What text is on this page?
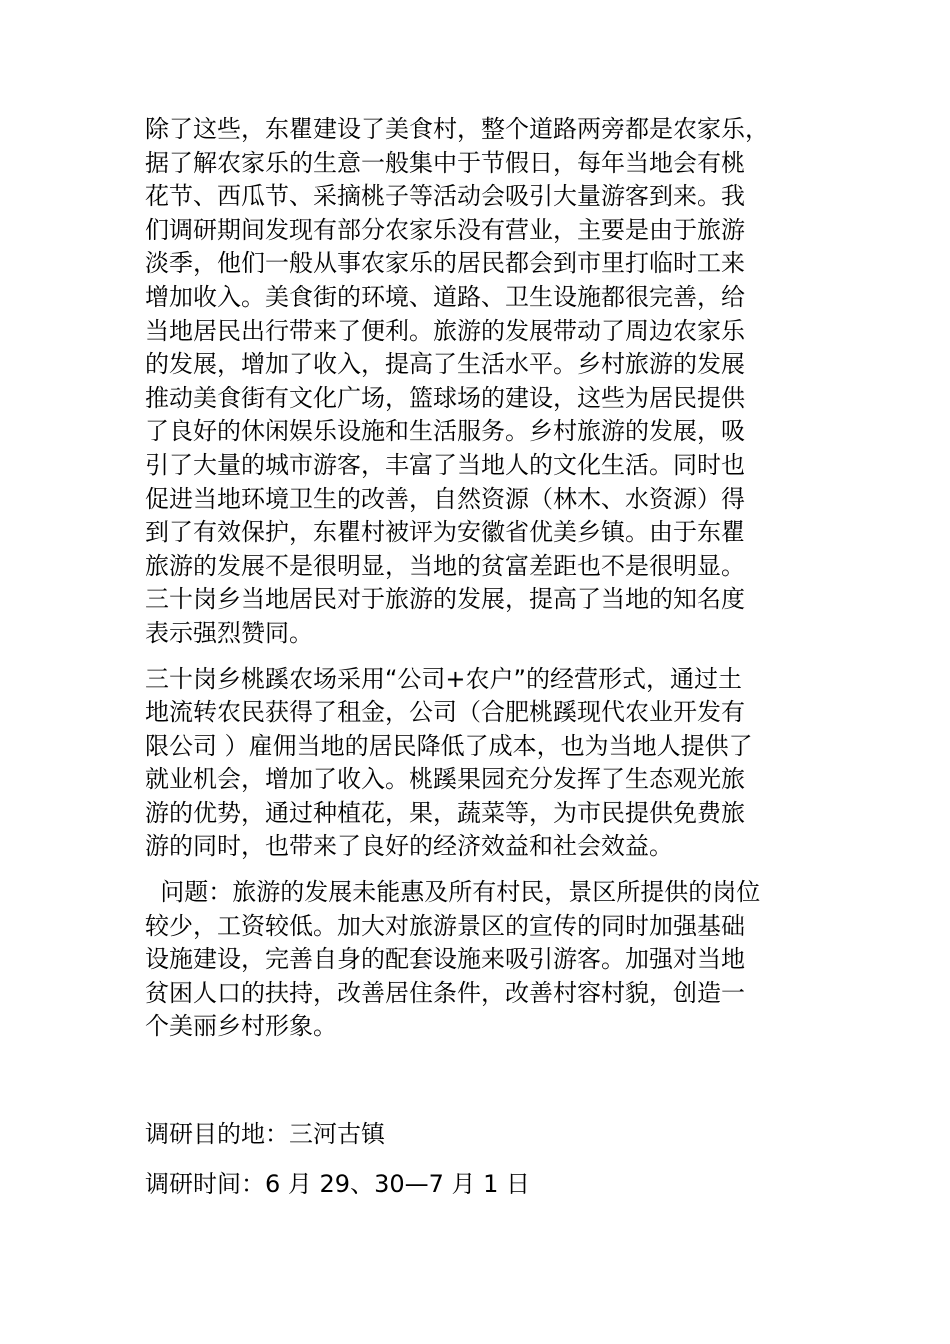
除了这些，东瞿建设了美食村，整个道路两旁都是农家乐，
据了解农家乐的生意一般集中于节假日，每年当地会有桃
花节、西瓜节、采摘桃子等活动会吸引大量游客到来。我
们调研期间发现有部分农家乐没有营业，主要是由于旅游
淡季，他们一般从事农家乐的居民都会到市里打临时工来
增加收入。美食街的环境、道路、卫生设施都很完善，给
当地居民出行带来了便利。旅游的发展带动了周边农家乐
的发展，增加了收入，提高了生活水平。乡村旅游的发展
推动美食街有文化广场，篮球场的建设，这些为居民提供
了良好的休闲娱乐设施和生活服务。乡村旅游的发展，吸
引了大量的城市游客，丰富了当地人的文化生活。同时也
促进当地环境卫生的改善，自然资源（林木、水资源）得
到了有效保护，东瞿村被评为安徽省优美乡镇。由于东瞿
旅游的发展不是很明显，当地的贫富差距也不是很明显。
三十岗乡当地居民对于旅游的发展，提高了当地的知名度
表示强烈赞同。
三十岗乡桃蹊农场采用“公司+农户”的经营形式，通过土
地流转农民获得了租金，公司（合肥桃蹊现代农业开发有
限公司 ）雇佣当地的居民降低了成本，也为当地人提供了
就业机会，增加了收入。桃蹊果园充分发挥了生态观光旅
游的优势，通过种植花，果，蔬菜等，为市民提供免费旅
游的同时，也带来了良好的经济效益和社会效益。
问题：旅游的发展未能惠及所有村民，景区所提供的岗位
较少，工资较低。加大对旅游景区的宣传的同时加强基础
设施建设，完善自身的配套设施来吸引游客。加强对当地
贫困人口的扶持，改善居住条件，改善村容村貌，创造一
个美丽乡村形象。
调研目的地：三河古镇
调研时间：6 月 29、30—7 月 1 日
